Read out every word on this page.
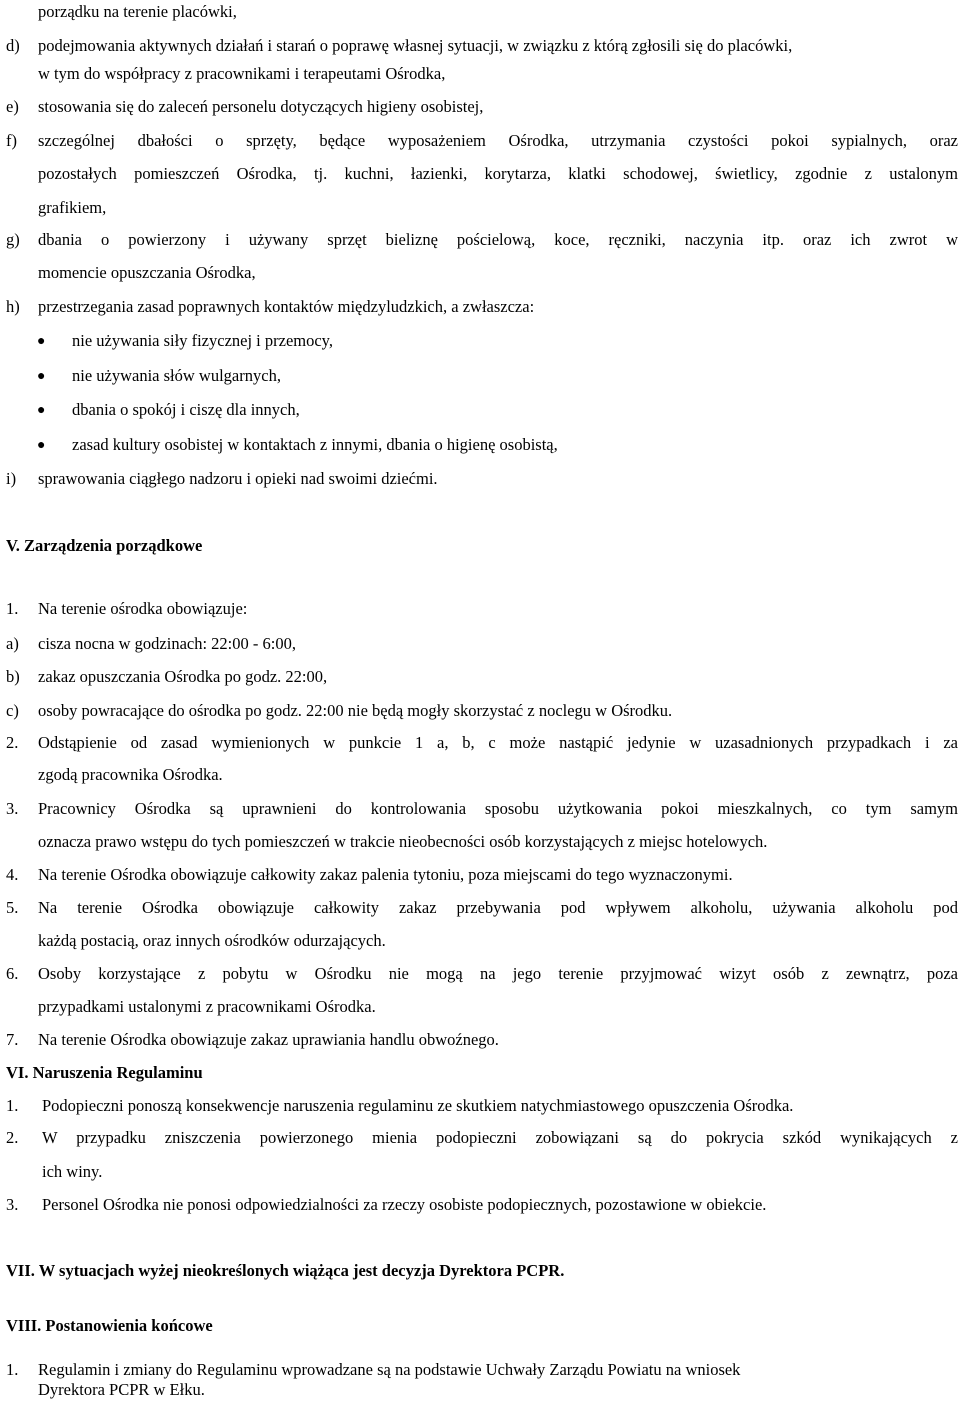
porządku na terenie placówki,
d) podejmowania aktywnych działań i starań o poprawę własnej sytuacji, w związku z którą zgłosili się do placówki,
w tym do współpracy z pracownikami i terapeutami Ośrodka,
e) stosowania się do zaleceń personelu dotyczących higieny osobistej,
f) szczególnej dbałości o sprzęty, będące wyposażeniem Ośrodka, utrzymania czystości pokoi sypialnych, oraz
pozostałych pomieszczeń Ośrodka, tj. kuchni, łazienki, korytarza, klatki schodowej, świetlicy, zgodnie z ustalonym
grafikiem,
g) dbania o powierzony i używany sprzęt bieliznę pościelową, koce, ręczniki, naczynia itp. oraz ich zwrot w
momencie opuszczania Ośrodka,
h) przestrzegania zasad poprawnych kontaktów międzyludzkich, a zwłaszcza:
● nie używania siły fizycznej i przemocy,
● nie używania słów wulgarnych,
● dbania o spokój i ciszę dla innych,
● zasad kultury osobistej w kontaktach z innymi, dbania o higienę osobistą,
i) sprawowania ciągłego nadzoru i opieki nad swoimi dziećmi.
V. Zarządzenia porządkowe
1. Na terenie ośrodka obowiązuje:
a) cisza nocna w godzinach: 22:00 - 6:00,
b) zakaz opuszczania Ośrodka po godz. 22:00,
c) osoby powracające do ośrodka po godz. 22:00 nie będą mogły skorzystać z noclegu w Ośrodku.
2. Odstąpienie od zasad wymienionych w punkcie 1 a, b, c może nastąpić jedynie w uzasadnionych przypadkach i za
zgodą pracownika Ośrodka.
3. Pracownicy Ośrodka są uprawnieni do kontrolowania sposobu użytkowania pokoi mieszkalnych, co tym samym
oznacza prawo wstępu do tych pomieszczeń w trakcie nieobecności osób korzystających z miejsc hotelowych.
4. Na terenie Ośrodka obowiązuje całkowity zakaz palenia tytoniu, poza miejscami do tego wyznaczonymi.
5. Na terenie Ośrodka obowiązuje całkowity zakaz przebywania pod wpływem alkoholu, używania alkoholu pod
każdą postacią, oraz innych ośrodków odurzających.
6. Osoby korzystające z pobytu w Ośrodku nie mogą na jego terenie przyjmować wizyt osób z zewnątrz, poza
przypadkami ustalonymi z pracownikami Ośrodka.
7. Na terenie Ośrodka obowiązuje zakaz uprawiania handlu obwoźnego.
VI. Naruszenia Regulaminu
1. Podopieczni ponoszą konsekwencje naruszenia regulaminu ze skutkiem natychmiastowego opuszczenia Ośrodka.
2. W przypadku zniszczenia powierzonego mienia podopieczni zobowiązani są do pokrycia szkód wynikających z
ich winy.
3. Personel Ośrodka nie ponosi odpowiedzialności za rzeczy osobiste podopiecznych, pozostawione w obiekcie.
VII. W sytuacjach wyżej nieokreślonych wiążąca jest decyzja Dyrektora PCPR.
VIII. Postanowienia końcowe
1. Regulamin i zmiany do Regulaminu wprowadzane są na podstawie Uchwały Zarządu Powiatu na wniosek
Dyrektora PCPR w Ełku.
